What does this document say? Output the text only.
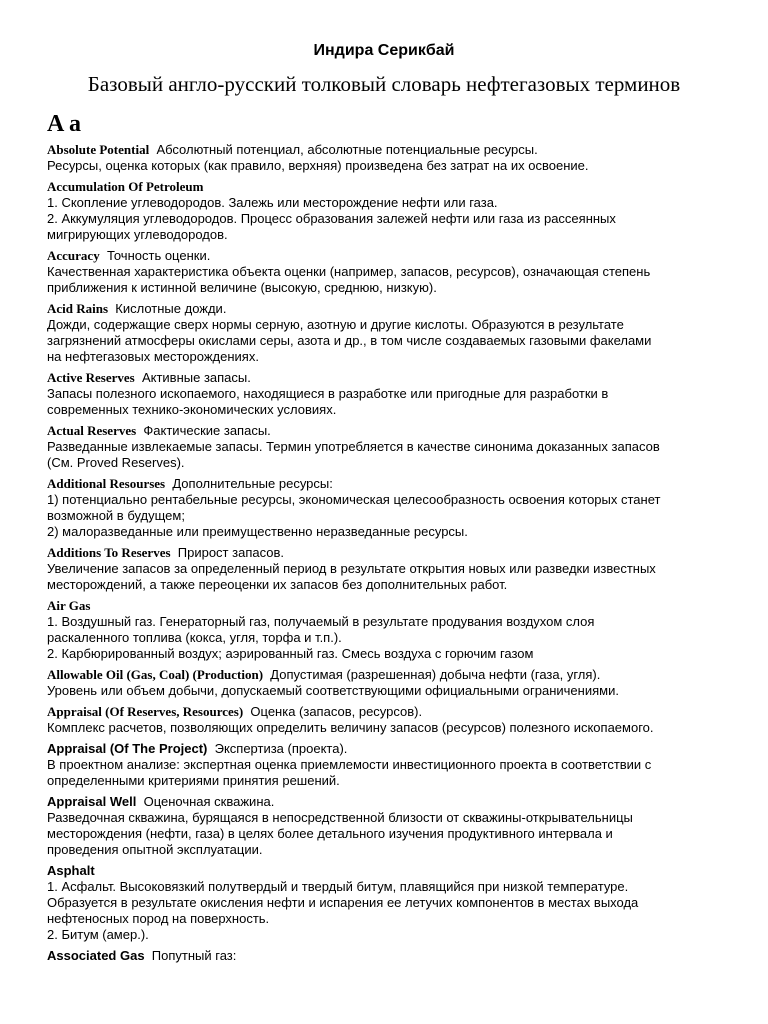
Индира Серикбай
Базовый англо-русский толковый словарь нефтегазовых терминов
A a
Absolute Potential Абсолютный потенциал, абсолютные потенциальные ресурсы.
Ресурсы, оценка которых (как правило, верхняя) произведена без затрат на их освоение.
Accumulation Of Petroleum
1. Скопление углеводородов. Залежь или месторождение нефти или газа.
2. Аккумуляция углеводородов. Процесс образования залежей нефти или газа из рассеянных
мигрирующих углеводородов.
Accuracy Точность оценки.
Качественная характеристика объекта оценки (например, запасов, ресурсов), означающая степень
приближения к истинной величине (высокую, среднюю, низкую).
Acid Rains Кислотные дожди.
Дожди, содержащие сверх нормы серную, азотную и другие кислоты. Образуются в результате
загрязнений атмосферы окислами серы, азота и др., в том числе создаваемых газовыми факелами
на нефтегазовых месторождениях.
Active Reserves Активные запасы.
Запасы полезного ископаемого, находящиеся в разработке или пригодные для разработки в
современных технико-экономических условиях.
Actual Reserves Фактические запасы.
Разведанные извлекаемые запасы. Термин употребляется в качестве синонима доказанных запасов
(См. Proved Reserves).
Additional Resourses Дополнительные ресурсы:
1) потенциально рентабельные ресурсы, экономическая целесообразность освоения которых станет
возможной в будущем;
2) малоразведанные или преимущественно неразведанные ресурсы.
Additions To Reserves Прирост запасов.
Увеличение запасов за определенный период в результате открытия новых или разведки известных
месторождений, а также переоценки их запасов без дополнительных работ.
Air Gas
1. Воздушный газ. Генераторный газ, получаемый в результате продувания воздухом слоя
раскаленного топлива (кокса, угля, торфа и т.п.).
2. Карбюрированный воздух; аэрированный газ. Смесь воздуха с горючим газом
Allowable Oil (Gas, Coal) (Production) Допустимая (разрешенная) добыча нефти (газа, угля).
Уровень или объем добычи, допускаемый соответствующими официальными ограничениями.
Appraisal (Of Reserves, Resources) Оценка (запасов, ресурсов).
Комплекс расчетов, позволяющих определить величину запасов (ресурсов) полезного ископаемого.
Appraisal (Of The Project) Экспертиза (проекта).
В проектном анализе: экспертная оценка приемлемости инвестиционного проекта в соответствии с
определенными критериями принятия решений.
Appraisal Well Оценочная скважина.
Разведочная скважина, бурящаяся в непосредственной близости от скважины-открывательницы
месторождения (нефти, газа) в целях более детального изучения продуктивного интервала и
проведения опытной эксплуатации.
Asphalt
1. Асфальт. Высоковязкий полутвердый и твердый битум, плавящийся при низкой температуре.
Образуется в результате окисления нефти и испарения ее летучих компонентов в местах выхода
нефтеносных пород на поверхность.
2. Битум (амер.).
Associated Gas Попутный газ:
